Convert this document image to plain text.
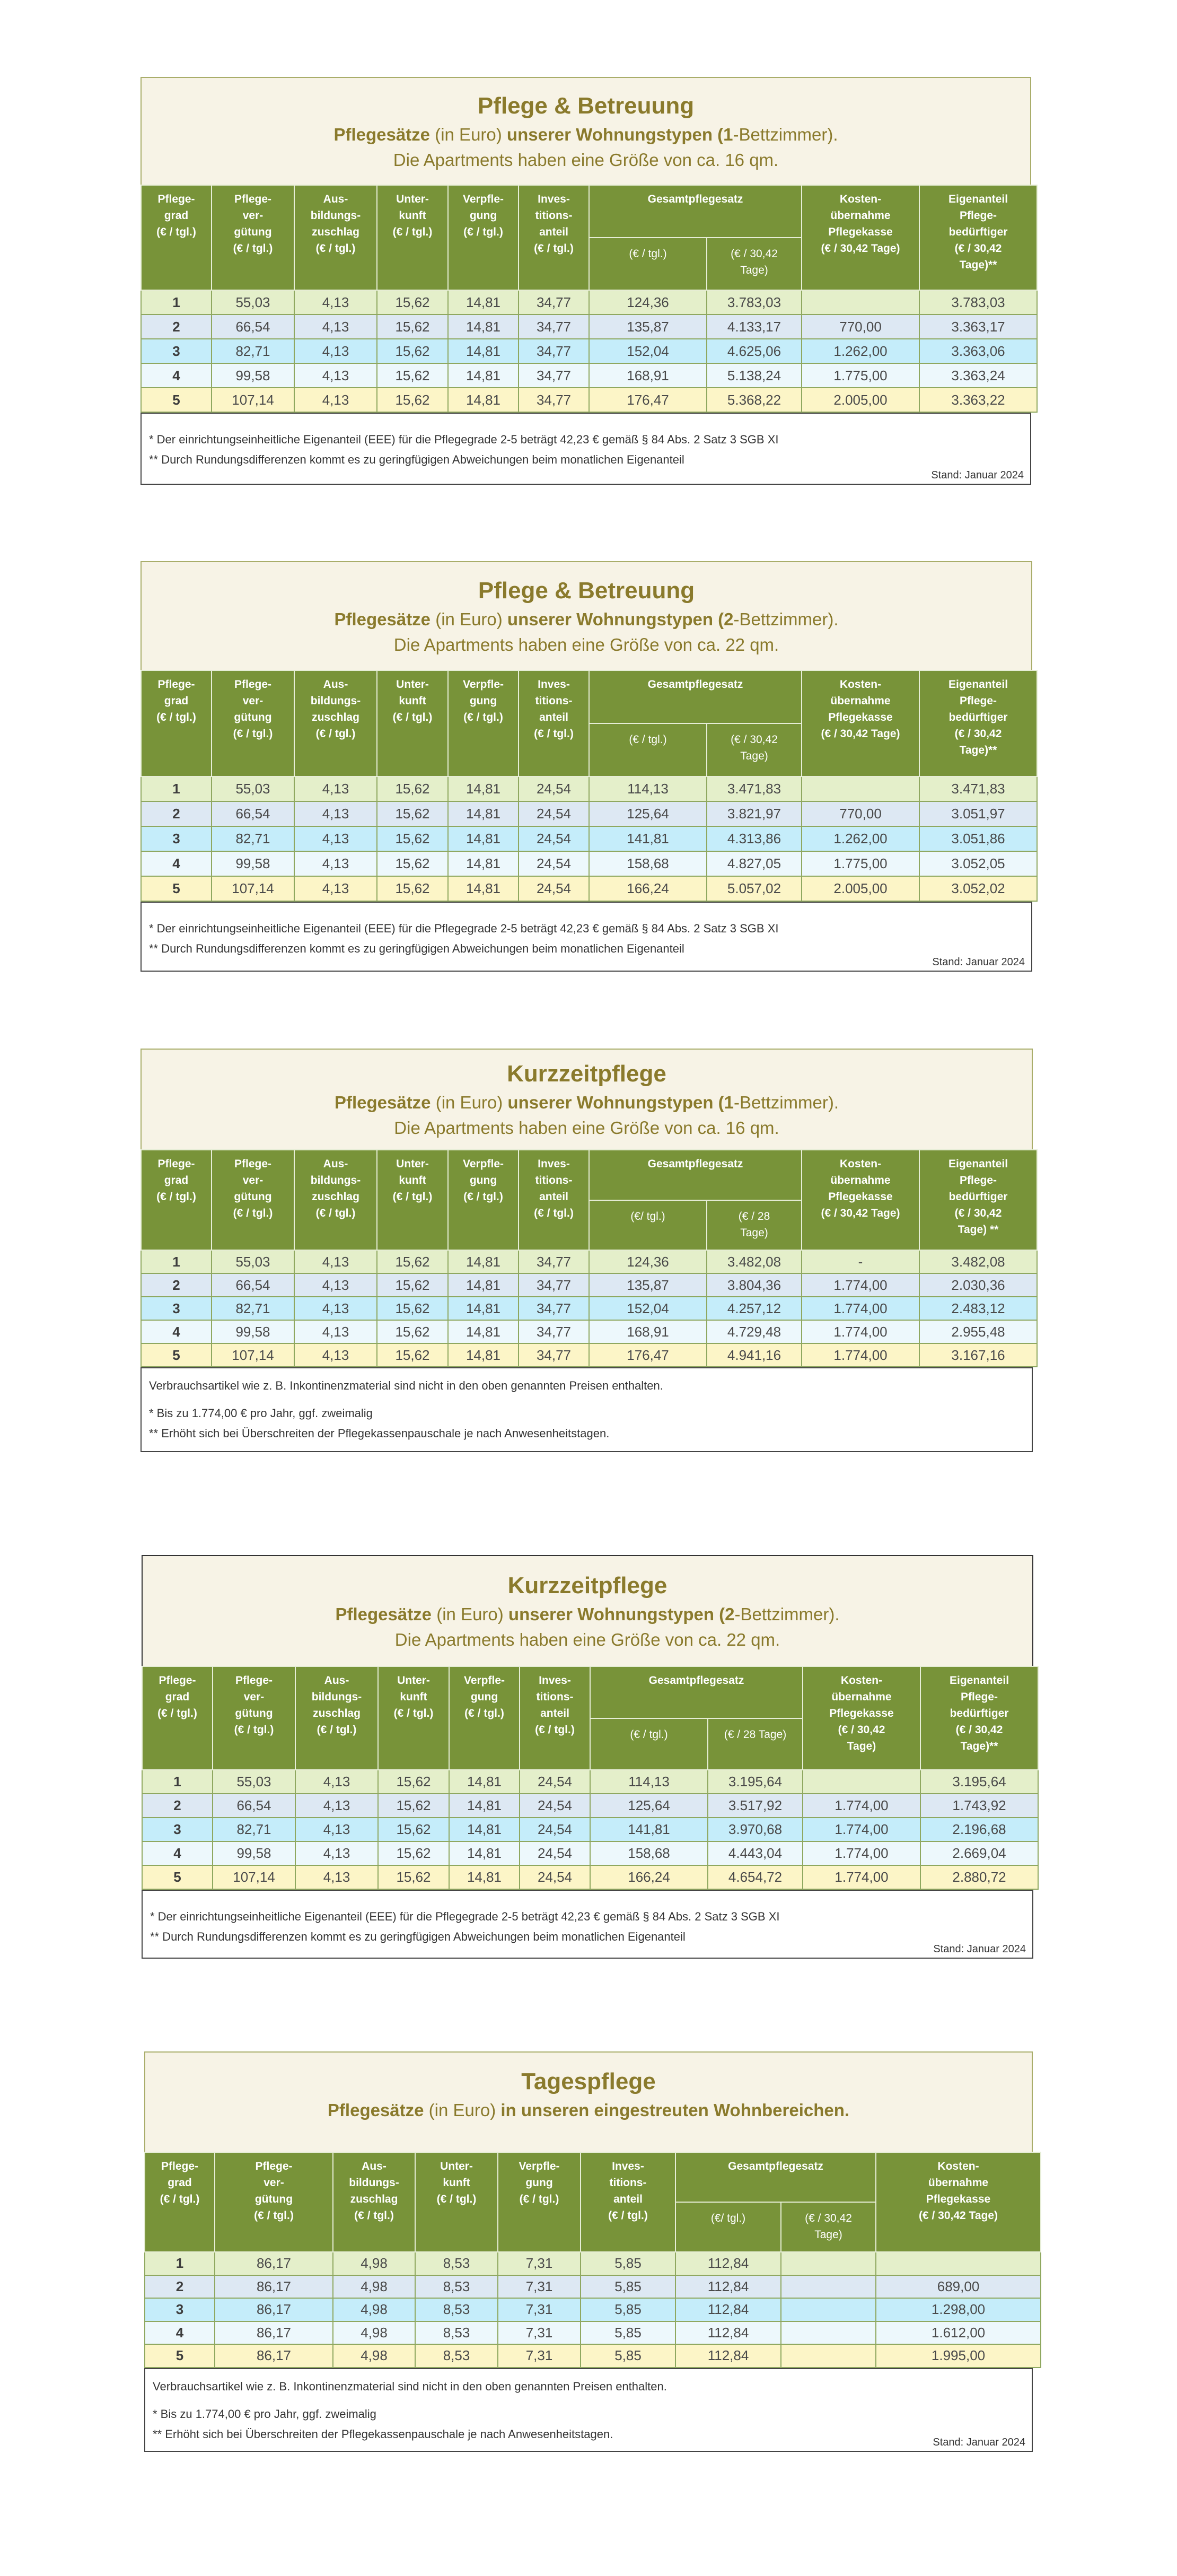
Pflege & Betreuung
Pflegesätze (in Euro) unserer Wohnungstypen (1-Bettzimmer).
Die Apartments haben eine Größe von ca. 16 qm.
Pflege-
grad
(€ / tgl.)	Pflege-
ver-
gütung
(€ / tgl.)	Aus-
bildungs-
zuschlag
(€ / tgl.)	Unter-
kunft
(€ / tgl.)	Verpfle-
gung
(€ / tgl.)	Inves-
titions-
anteil
(€ / tgl.)	Gesamtpflegesatz		Kosten-
übernahme
Pflegekasse
(€ / 30,42 Tage)	Eigenanteil
Pflege-
bedürftiger
(€ / 30,42
Tage)**
						(€ / tgl.)	(€ / 30,42
Tage)		
1	55,03	4,13	15,62	14,81	34,77	124,36	3.783,03		3.783,03
2	66,54	4,13	15,62	14,81	34,77	135,87	4.133,17	770,00	3.363,17
3	82,71	4,13	15,62	14,81	34,77	152,04	4.625,06	1.262,00	3.363,06
4	99,58	4,13	15,62	14,81	34,77	168,91	5.138,24	1.775,00	3.363,24
5	107,14	4,13	15,62	14,81	34,77	176,47	5.368,22	2.005,00	3.363,22
* Der einrichtungseinheitliche Eigenanteil (EEE) für die Pflegegrade 2-5 beträgt 42,23 € gemäß § 84 Abs. 2 Satz 3 SGB XI
** Durch Rundungsdifferenzen kommt es zu geringfügigen Abweichungen beim monatlichen Eigenanteil
Stand: Januar 2024
Pflege & Betreuung
Pflegesätze (in Euro) unserer Wohnungstypen (2-Bettzimmer).
Die Apartments haben eine Größe von ca. 22 qm.
Pflege-
grad
(€ / tgl.)	Pflege-
ver-
gütung
(€ / tgl.)	Aus-
bildungs-
zuschlag
(€ / tgl.)	Unter-
kunft
(€ / tgl.)	Verpfle-
gung
(€ / tgl.)	Inves-
titions-
anteil
(€ / tgl.)	Gesamtpflegesatz		Kosten-
übernahme
Pflegekasse
(€ / 30,42 Tage)	Eigenanteil
Pflege-
bedürftiger
(€ / 30,42
Tage)**
						(€ / tgl.)	(€ / 30,42
Tage)		
1	55,03	4,13	15,62	14,81	24,54	114,13	3.471,83		3.471,83
2	66,54	4,13	15,62	14,81	24,54	125,64	3.821,97	770,00	3.051,97
3	82,71	4,13	15,62	14,81	24,54	141,81	4.313,86	1.262,00	3.051,86
4	99,58	4,13	15,62	14,81	24,54	158,68	4.827,05	1.775,00	3.052,05
5	107,14	4,13	15,62	14,81	24,54	166,24	5.057,02	2.005,00	3.052,02
* Der einrichtungseinheitliche Eigenanteil (EEE) für die Pflegegrade 2-5 beträgt 42,23 € gemäß § 84 Abs. 2 Satz 3 SGB XI
** Durch Rundungsdifferenzen kommt es zu geringfügigen Abweichungen beim monatlichen Eigenanteil
Stand: Januar 2024
Kurzzeitpflege
Pflegesätze (in Euro) unserer Wohnungstypen (1-Bettzimmer).
Die Apartments haben eine Größe von ca. 16 qm.
Pflege-
grad
(€ / tgl.)	Pflege-
ver-
gütung
(€ / tgl.)	Aus-
bildungs-
zuschlag
(€ / tgl.)	Unter-
kunft
(€ / tgl.)	Verpfle-
gung
(€ / tgl.)	Inves-
titions-
anteil
(€ / tgl.)	Gesamtpflegesatz		Kosten-
übernahme
Pflegekasse
(€ / 30,42 Tage)	Eigenanteil
Pflege-
bedürftiger
(€ / 30,42
Tage) **
						(€/ tgl.)	(€ / 28
Tage)		
1	55,03	4,13	15,62	14,81	34,77	124,36	3.482,08	-	3.482,08
2	66,54	4,13	15,62	14,81	34,77	135,87	3.804,36	1.774,00	2.030,36
3	82,71	4,13	15,62	14,81	34,77	152,04	4.257,12	1.774,00	2.483,12
4	99,58	4,13	15,62	14,81	34,77	168,91	4.729,48	1.774,00	2.955,48
5	107,14	4,13	15,62	14,81	34,77	176,47	4.941,16	1.774,00	3.167,16
Verbrauchsartikel wie z. B. Inkontinenzmaterial sind nicht in den oben genannten Preisen enthalten.
* Bis zu 1.774,00 € pro Jahr, ggf. zweimalig
** Erhöht sich bei Überschreiten der Pflegekassenpauschale je nach Anwesenheitstagen.
Kurzzeitpflege
Pflegesätze (in Euro) unserer Wohnungstypen (2-Bettzimmer).
Die Apartments haben eine Größe von ca. 22 qm.
Pflege-
grad
(€ / tgl.)	Pflege-
ver-
gütung
(€ / tgl.)	Aus-
bildungs-
zuschlag
(€ / tgl.)	Unter-
kunft
(€ / tgl.)	Verpfle-
gung
(€ / tgl.)	Inves-
titions-
anteil
(€ / tgl.)	Gesamtpflegesatz		Kosten-
übernahme
Pflegekasse
(€ / 30,42
Tage)	Eigenanteil
Pflege-
bedürftiger
(€ / 30,42
Tage)**
						(€ / tgl.)	(€ / 28 Tage)		
1	55,03	4,13	15,62	14,81	24,54	114,13	3.195,64		3.195,64
2	66,54	4,13	15,62	14,81	24,54	125,64	3.517,92	1.774,00	1.743,92
3	82,71	4,13	15,62	14,81	24,54	141,81	3.970,68	1.774,00	2.196,68
4	99,58	4,13	15,62	14,81	24,54	158,68	4.443,04	1.774,00	2.669,04
5	107,14	4,13	15,62	14,81	24,54	166,24	4.654,72	1.774,00	2.880,72
* Der einrichtungseinheitliche Eigenanteil (EEE) für die Pflegegrade 2-5 beträgt 42,23 € gemäß § 84 Abs. 2 Satz 3 SGB XI
** Durch Rundungsdifferenzen kommt es zu geringfügigen Abweichungen beim monatlichen Eigenanteil
Stand: Januar 2024
Tagespflege
Pflegesätze (in Euro) in unseren eingestreuten Wohnbereichen.
Pflege-
grad
(€ / tgl.)	Pflege-
ver-
gütung
(€ / tgl.)	Aus-
bildungs-
zuschlag
(€ / tgl.)	Unter-
kunft
(€ / tgl.)	Verpfle-
gung
(€ / tgl.)	Inves-
titions-
anteil
(€ / tgl.)	Gesamtpflegesatz		Kosten-
übernahme
Pflegekasse
(€ / 30,42 Tage)
						(€/ tgl.)	(€ / 30,42
Tage)	
1	86,17	4,98	8,53	7,31	5,85	112,84		
2	86,17	4,98	8,53	7,31	5,85	112,84		689,00
3	86,17	4,98	8,53	7,31	5,85	112,84		1.298,00
4	86,17	4,98	8,53	7,31	5,85	112,84		1.612,00
5	86,17	4,98	8,53	7,31	5,85	112,84		1.995,00
Verbrauchsartikel wie z. B. Inkontinenzmaterial sind nicht in den oben genannten Preisen enthalten.
* Bis zu 1.774,00 € pro Jahr, ggf. zweimalig
** Erhöht sich bei Überschreiten der Pflegekassenpauschale je nach Anwesenheitstagen.
Stand: Januar 2024
